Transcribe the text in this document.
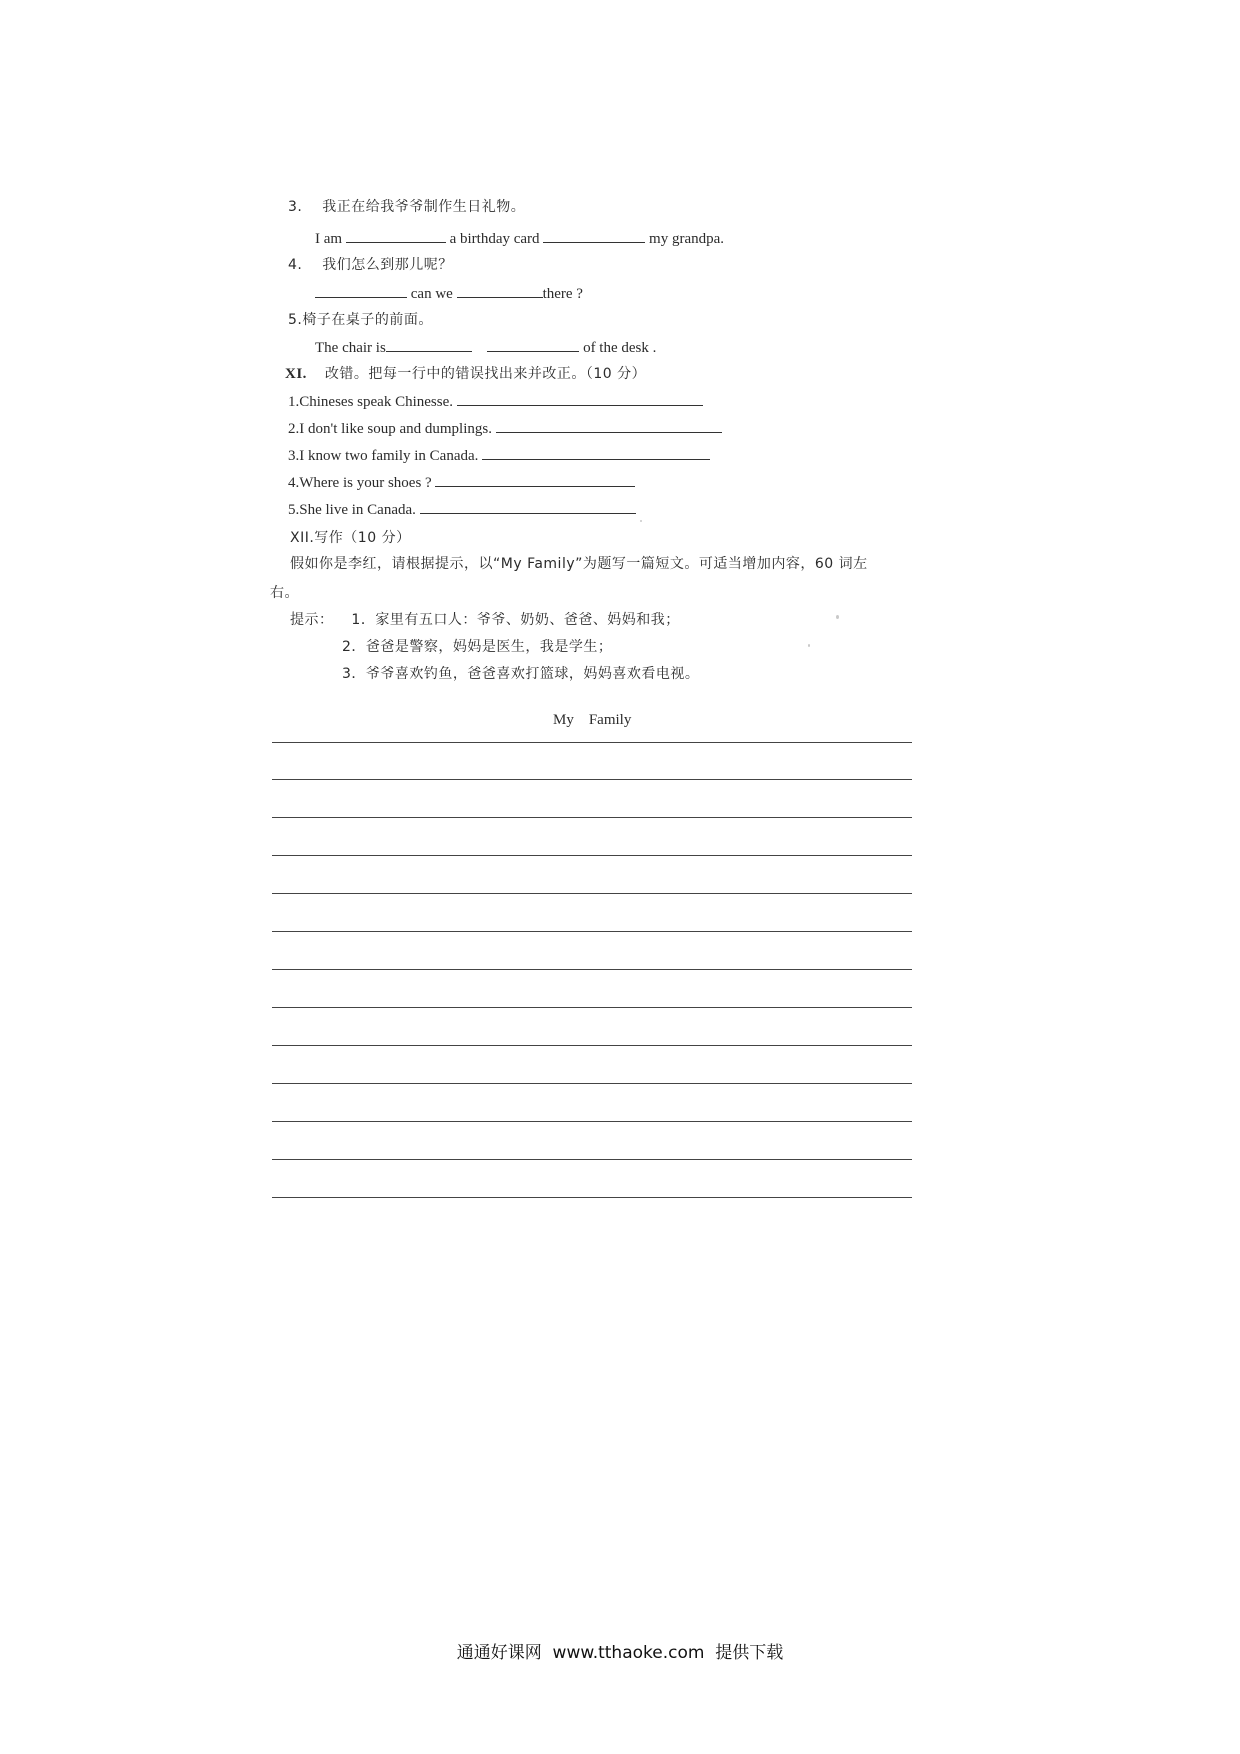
3. 我正在给我爷爷制作生日礼物。
I am	a birthday card	my grandpa.
4. 我们怎么到那儿呢？
can we	there ?
5.椅子在桌子的前面。
The chair is	of the desk .
XI. 改错。把每一行中的错误找出来并改正。（10 分）
1.Chineses speak Chinesse.
2.I don't like soup and dumplings.
3.I know two family in Canada.
4.Where is your shoes ?
5.She live in Canada.
XII.写作（10 分）
假如你是李红，请根据提示，以“My Family”为题写一篇短文。可适当增加内容，60 词左
右。
提示： 1．家里有五口人：爷爷、奶奶、爸爸、妈妈和我；
2．爸爸是警察，妈妈是医生，我是学生；
3．爷爷喜欢钓鱼，爸爸喜欢打篮球，妈妈喜欢看电视。

My    Family

通通好课网  www.tthaoke.com  提供下载
